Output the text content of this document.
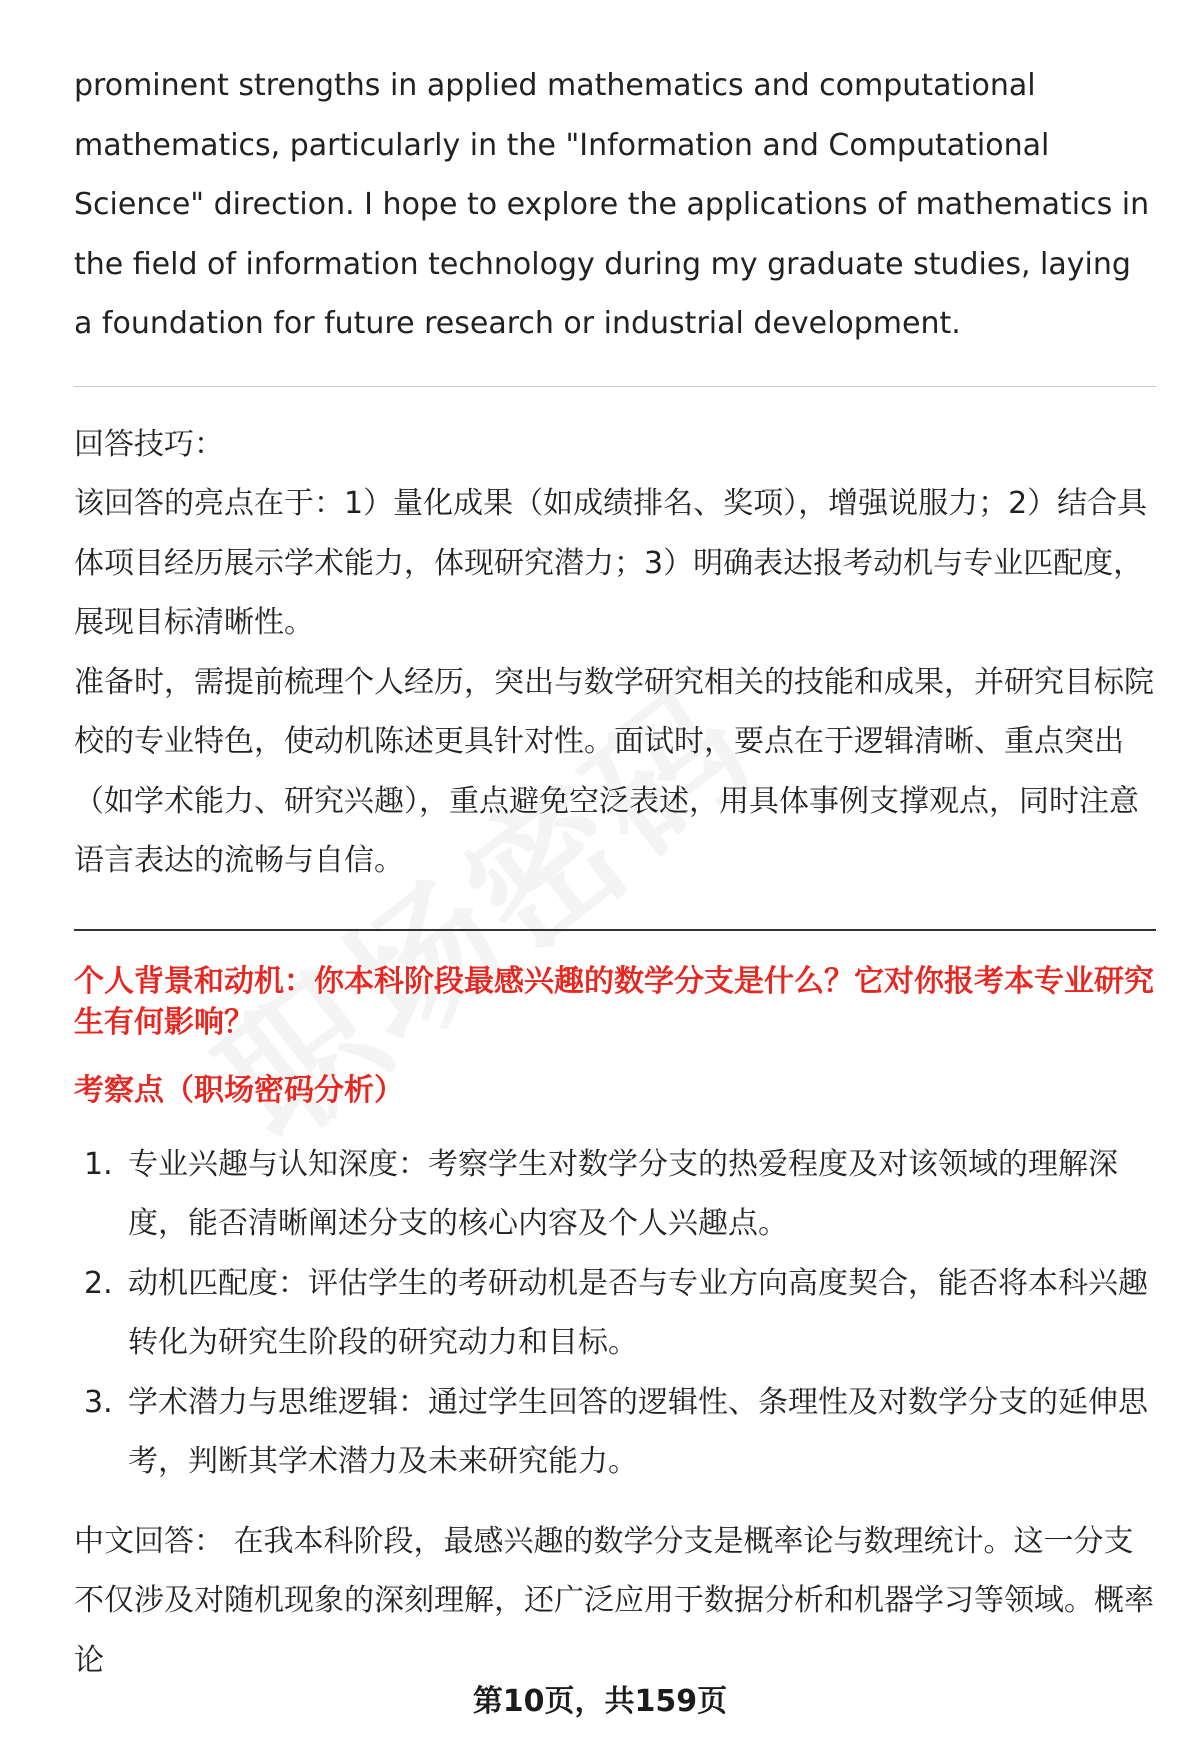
prominent strengths in applied mathematics and computational mathematics, particularly in the "Information and Computational Science" direction. I hope to explore the applications of mathematics in the field of information technology during my graduate studies, laying a foundation for future research or industrial development.

回答技巧：

该回答的亮点在于：1）量化成果（如成绩排名、奖项），增强说服力；2）结合具体项目经历展示学术能力，体现研究潜力；3）明确表达报考动机与专业匹配度，展现目标清晰性。

准备时，需提前梳理个人经历，突出与数学研究相关的技能和成果，并研究目标院校的专业特色，使动机陈述更具针对性。面试时，要点在于逻辑清晰、重点突出（如学术能力、研究兴趣），重点避免空泛表述，用具体事例支撑观点，同时注意语言表达的流畅与自信。

个人背景和动机：你本科阶段最感兴趣的数学分支是什么？它对你报考本专业研究生有何影响？

考察点（职场密码分析）

1. 专业兴趣与认知深度：考察学生对数学分支的热爱程度及对该领域的理解深度，能否清晰阐述分支的核心内容及个人兴趣点。
2. 动机匹配度：评估学生的考研动机是否与专业方向高度契合，能否将本科兴趣转化为研究生阶段的研究动力和目标。
3. 学术潜力与思维逻辑：通过学生回答的逻辑性、条理性及对数学分支的延伸思考，判断其学术潜力及未来研究能力。

中文回答： 在我本科阶段，最感兴趣的数学分支是概率论与数理统计。这一分支不仅涉及对随机现象的深刻理解，还广泛应用于数据分析和机器学习等领域。概率论

第10页，共159页
